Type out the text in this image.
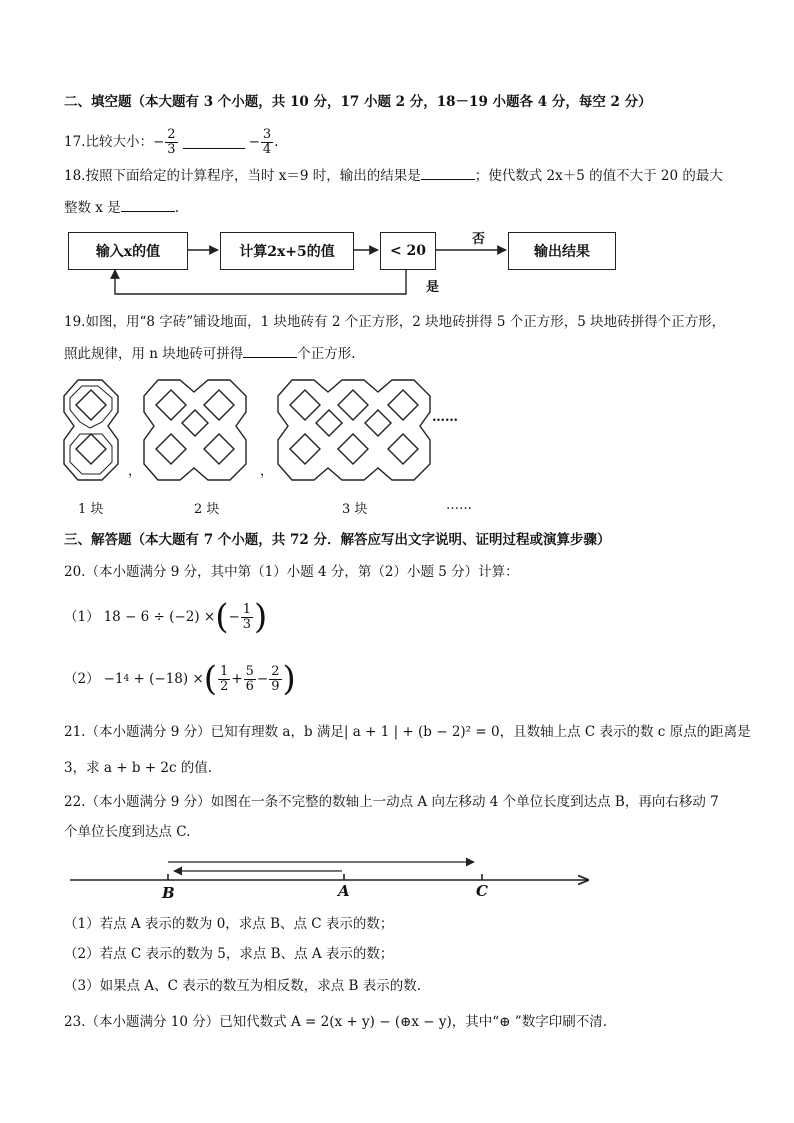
二、填空题（本大题有 3 个小题，共 10 分，17 小题 2 分，18－19 小题各 4 分，每空 2 分）
17.比较大小： − $\frac{2}{3}$	− $\frac{3}{4}$ .
18.按照下面给定的计算程序，当时 x＝9 时，输出的结果是	；使代数式 2x＋5 的值不大于 20 的最大
整数 x 是	.
输入x的值	计算2x+5的值	< 20	输出结果
否
是
19.如图，用“8 字砖”铺设地面，1 块地砖有 2 个正方形，2 块地砖拼得 5 个正方形，5 块地砖拼得个正方形，
照此规律，用 n 块地砖可拼得	个正方形.
，	，
……
1 块	2 块	3 块	……
三、解答题（本大题有 7 个小题，共 72 分．解答应写出文字说明、证明过程或演算步骤）
20.（本小题满分 9 分，其中第（1）小题 4 分，第（2）小题 5 分）计算：
（1） 18 − 6 ÷ (−2) × ( − $\frac{1}{3}$ )
（2） −1 4 + (−18) × ( $\frac{1}{2} + \frac{5}{6} - \frac{2}{9}$ )
21.（本小题满分 9 分）已知有理数 a，b 满足| a + 1 | + (b − 2)² = 0，且数轴上点 C 表示的数 c 原点的距离是
3，求 a + b + 2c 的值.
22.（本小题满分 9 分）如图在一条不完整的数轴上一动点 A 向左移动 4 个单位长度到达点 B，再向右移动 7
个单位长度到达点 C.
B	A	C
（1）若点 A 表示的数为 0，求点 B、点 C 表示的数；
（2）若点 C 表示的数为 5，求点 B、点 A 表示的数；
（3）如果点 A、C 表示的数互为相反数，求点 B 表示的数.
23.（本小题满分 10 分）已知代数式 A = 2(x + y) − (⊕x − y)，其中“⊕ ”数字印刷不清.
